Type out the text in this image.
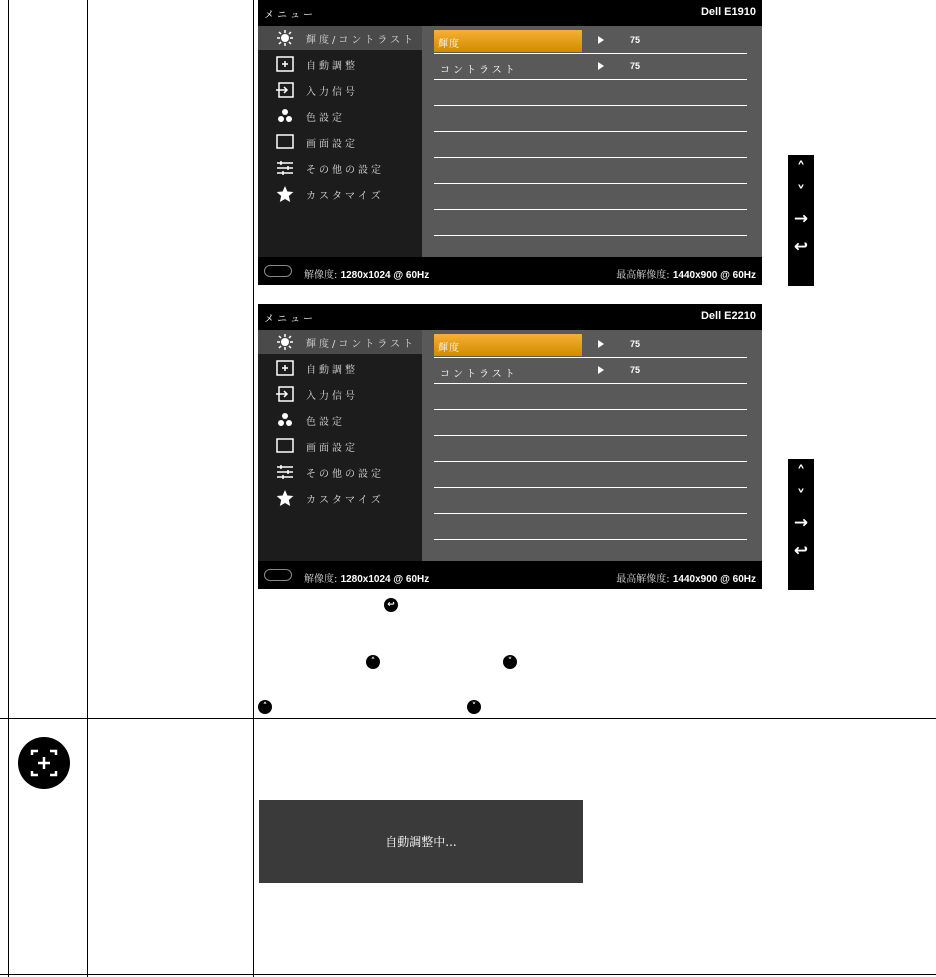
メニュー	Dell E1910
輝度/コントラスト
自動調整
入力信号
色設定
画面設定
その他の設定
カスタマイズ
輝度	75
コントラスト	75
解像度: 1280x1024 @ 60Hz	最高解像度: 1440x900 @ 60Hz
˄
˅
→
↩
メニュー	Dell E2210
輝度/コントラスト
自動調整
入力信号
色設定
画面設定
その他の設定
カスタマイズ
輝度	75
コントラスト	75
解像度: 1280x1024 @ 60Hz	最高解像度: 1440x900 @ 60Hz
˄
˅
→
↩
↩
˄	˅
˄	˅
自動調整中...
